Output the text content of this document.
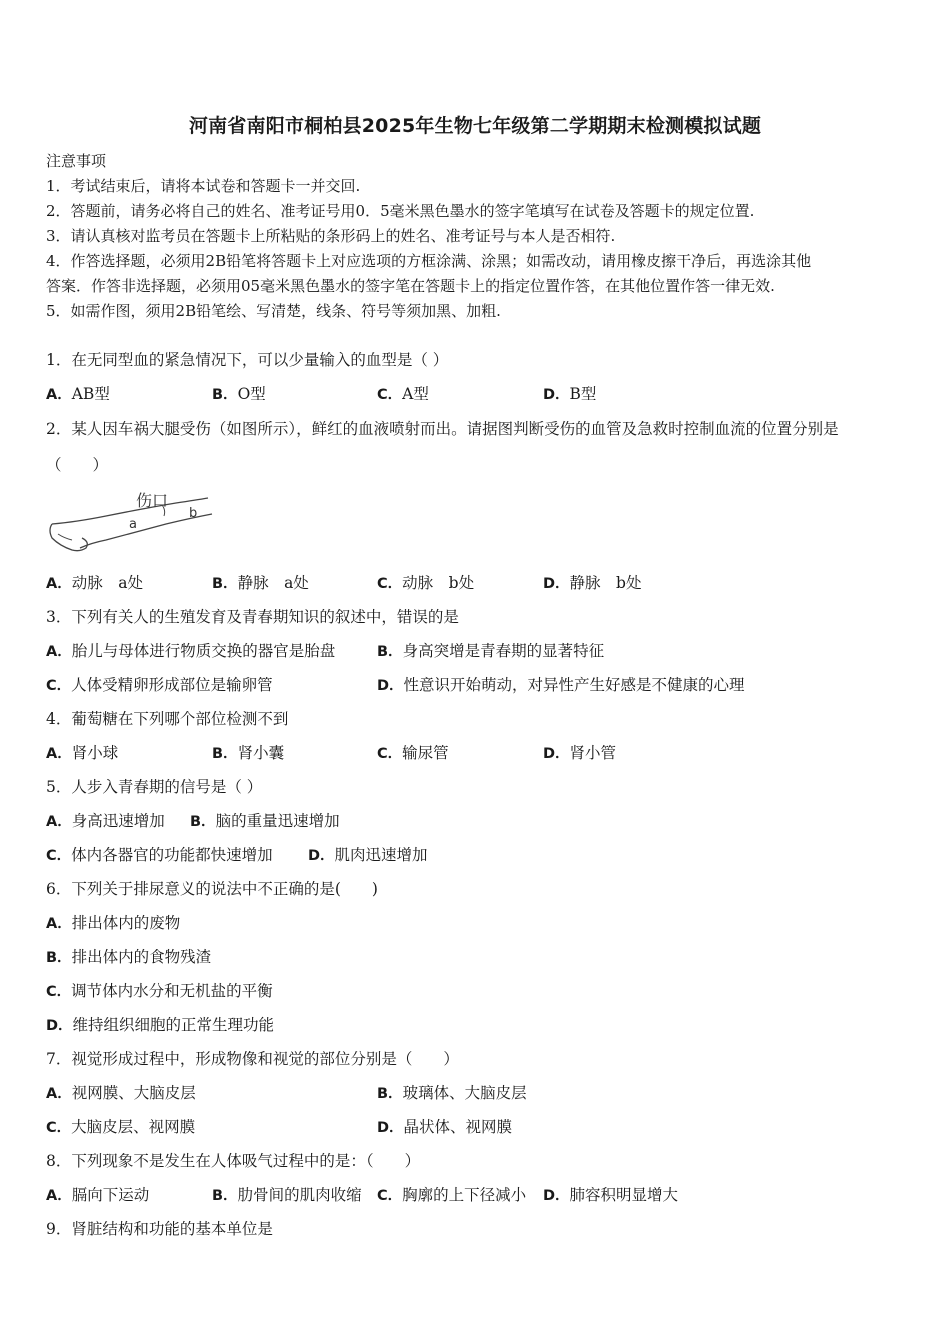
河南省南阳市桐柏县2025年生物七年级第二学期期末检测模拟试题
注意事项
1．考试结束后，请将本试卷和答题卡一并交回.
2．答题前，请务必将自己的姓名、准考证号用0．5毫米黑色墨水的签字笔填写在试卷及答题卡的规定位置.
3．请认真核对监考员在答题卡上所粘贴的条形码上的姓名、准考证号与本人是否相符.
4．作答选择题，必须用2B铅笔将答题卡上对应选项的方框涂满、涂黑；如需改动，请用橡皮擦干净后，再选涂其他
答案．作答非选择题，必须用05毫米黑色墨水的签字笔在答题卡上的指定位置作答，在其他位置作答一律无效.
5．如需作图，须用2B铅笔绘、写清楚，线条、符号等须加黑、加粗.
1．在无同型血的紧急情况下，可以少量输入的血型是（ ）
A．AB型	B．O型	C．A型	D．B型
2．某人因车祸大腿受伤（如图所示），鲜红的血液喷射而出。请据图判断受伤的血管及急救时控制血流的位置分别是
（　　）
伤口
a
b
A．动脉　a处	B．静脉　a处	C．动脉　b处	D．静脉　b处
3．下列有关人的生殖发育及青春期知识的叙述中，错误的是
A．胎儿与母体进行物质交换的器官是胎盘	B．身高突增是青春期的显著特征
C．人体受精卵形成部位是输卵管	D．性意识开始萌动，对异性产生好感是不健康的心理
4．葡萄糖在下列哪个部位检测不到
A．肾小球	B．肾小囊	C．输尿管	D．肾小管
5．人步入青春期的信号是（ ）
A．身高迅速增加 B．脑的重量迅速增加
C．体内各器官的功能都快速增加 D．肌肉迅速增加
6．下列关于排尿意义的说法中不正确的是(　　)
A．排出体内的废物
B．排出体内的食物残渣
C．调节体内水分和无机盐的平衡
D．维持组织细胞的正常生理功能
7．视觉形成过程中，形成物像和视觉的部位分别是（　　）
A．视网膜、大脑皮层	B．玻璃体、大脑皮层
C．大脑皮层、视网膜	D．晶状体、视网膜
8．下列现象不是发生在人体吸气过程中的是：（　　）
A．膈向下运动	B．肋骨间的肌肉收缩 C．胸廓的上下径减小 D．肺容积明显增大
9．肾脏结构和功能的基本单位是
